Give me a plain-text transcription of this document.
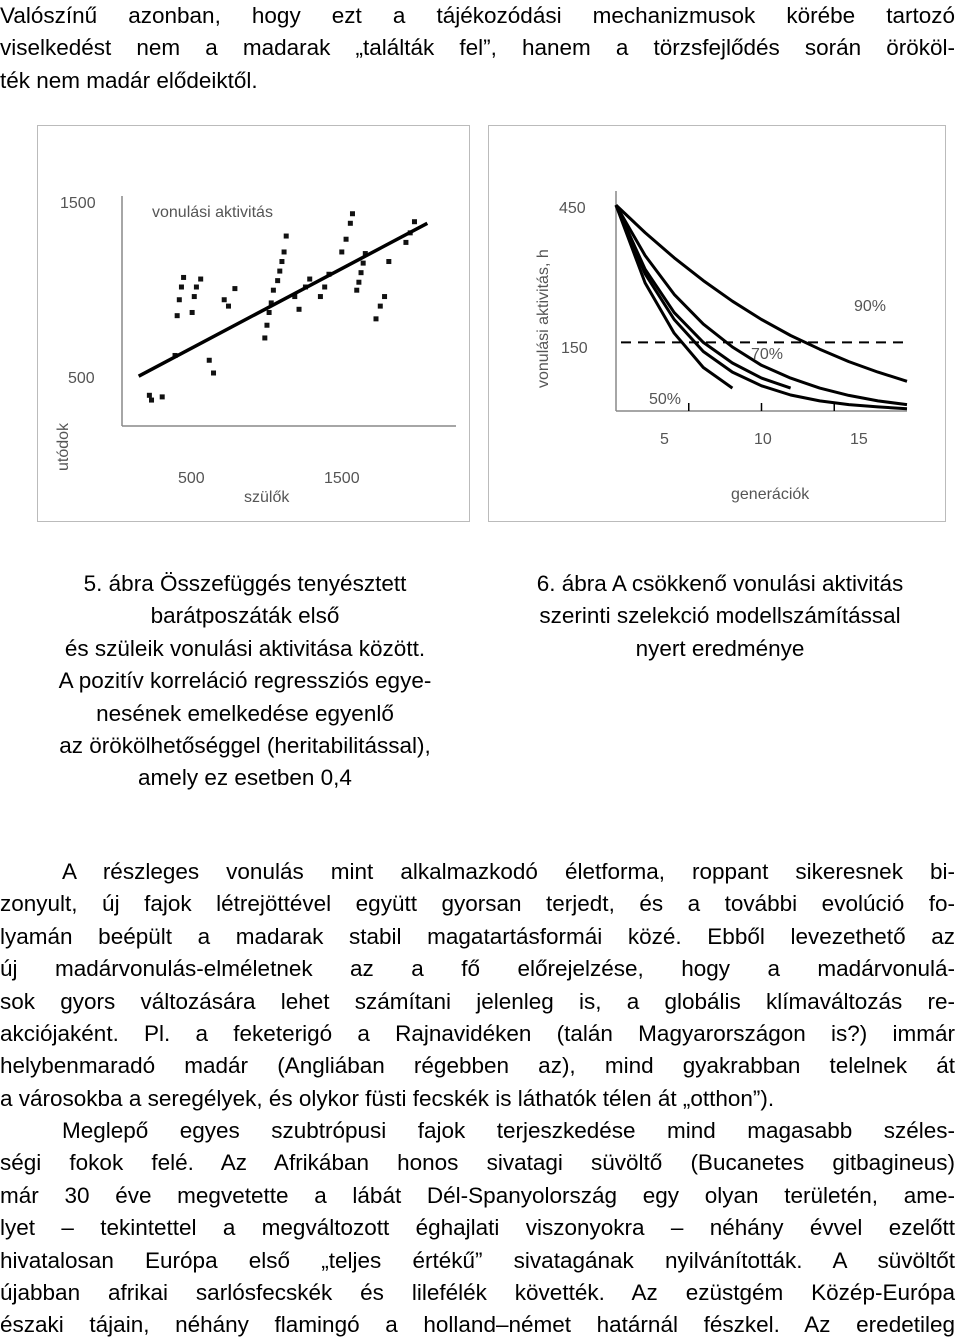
Valószínű azonban, hogy ezt a tájékozódási mechanizmusok körébe tartozó
viselkedést nem a madarak „találták fel”, hanem a törzsfejlődés során örököl-
ték nem madár elődeiktől.
utódok
1500
500
vonulási aktivitás
500	1500
szülők
vonulási aktivitás, h
450
150
90%
70%
50%
5	10	15
generációk
5. ábra Összefüggés tenyésztett
barátposzáták első
és szüleik vonulási aktivitása között.
A pozitív korreláció regressziós egye-
nesének emelkedése egyenlő
az örökölhetőséggel (heritabilitással),
amely ez esetben 0,4
6. ábra A csökkenő vonulási aktivitás
szerinti szelekció modellszámítással
nyert eredménye
A részleges vonulás mint alkalmazkodó életforma, roppant sikeresnek bi-
zonyult, új fajok létrejöttével együtt gyorsan terjedt, és a további evolúció fo-
lyamán beépült a madarak stabil magatartásformái közé. Ebből levezethető az
új madárvonulás-elméletnek az a fő előrejelzése, hogy a madárvonulá-
sok gyors változására lehet számítani jelenleg is, a globális klímaváltozás re-
akciójaként. Pl. a feketerigó a Rajnavidéken (talán Magyarországon is?) immár
helybenmaradó madár (Angliában régebben az), mind gyakrabban telelnek át
a városokba a seregélyek, és olykor füsti fecskék is láthatók télen át „otthon”).
Meglepő egyes szubtrópusi fajok terjeszkedése mind magasabb széles-
ségi fokok felé. Az Afrikában honos sivatagi süvöltő (Bucanetes gitbagineus)
már 30 éve megvetette a lábát Dél-Spanyolország egy olyan területén, ame-
lyet – tekintettel a megváltozott éghajlati viszonyokra – néhány évvel ezelőtt
hivatalosan Európa első „teljes értékű” sivatagának nyilvánították. A süvöltőt
újabban afrikai sarlósfecskék és lilefélék követték. Az ezüstgém Közép-Európa
északi tájain, néhány flamingó a holland–német határnál fészkel. Az eredetileg
